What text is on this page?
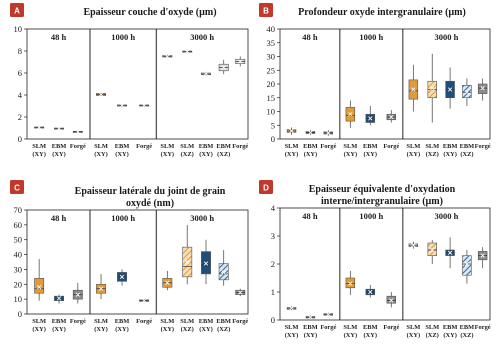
A	Epaisseur couche d'oxyde (µm)
0
2
4
6
8
10
48 h	1000 h	3000 h
SLM
(XY)
EBM
(XY)
Forgé SLM
(XY)
EBM
(XY)
Forgé SLM
(XY)
SLM
(XZ)
EBM
(XY)
EBM
(XZ)
Forgé
B	Profondeur oxyde intergranulaire (µm)
0
5
10
15
20
25
30
35
40
48 h	1000 h	3000 h
SLM
(XY)
EBM
(XY)
Forgé SLM
(XY)
EBM
(XY)
Forgé SLM
(XY)
SLM
(XZ)
EBM
(XY)
EBM
(XZ)
Forgé
C	Epaisseur latérale du joint de grain
oxydé (nm)
0
10
20
30
40
50
60
70
48 h	1000 h	3000 h
SLM
(XY)
EBM
(XY)
Forgé SLM
(XY)
EBM
(XY)
Forgé SLM
(XY)
SLM
(XZ)
EBM
(XY)
EBM
(XZ)
Forgé
D	Epaisseur équivalente d'oxydation
interne/intergranulaire (µm)
0
1
2
3
4
48 h	1000 h	3000 h
SLM
(XY)
EBM
(XY)
Forgé SLM
(XY)
EBM
(XY)
Forgé SLM
(XY)
SLM
(XZ)
EBM
(XY)
EBM
(XZ)
Forgé
